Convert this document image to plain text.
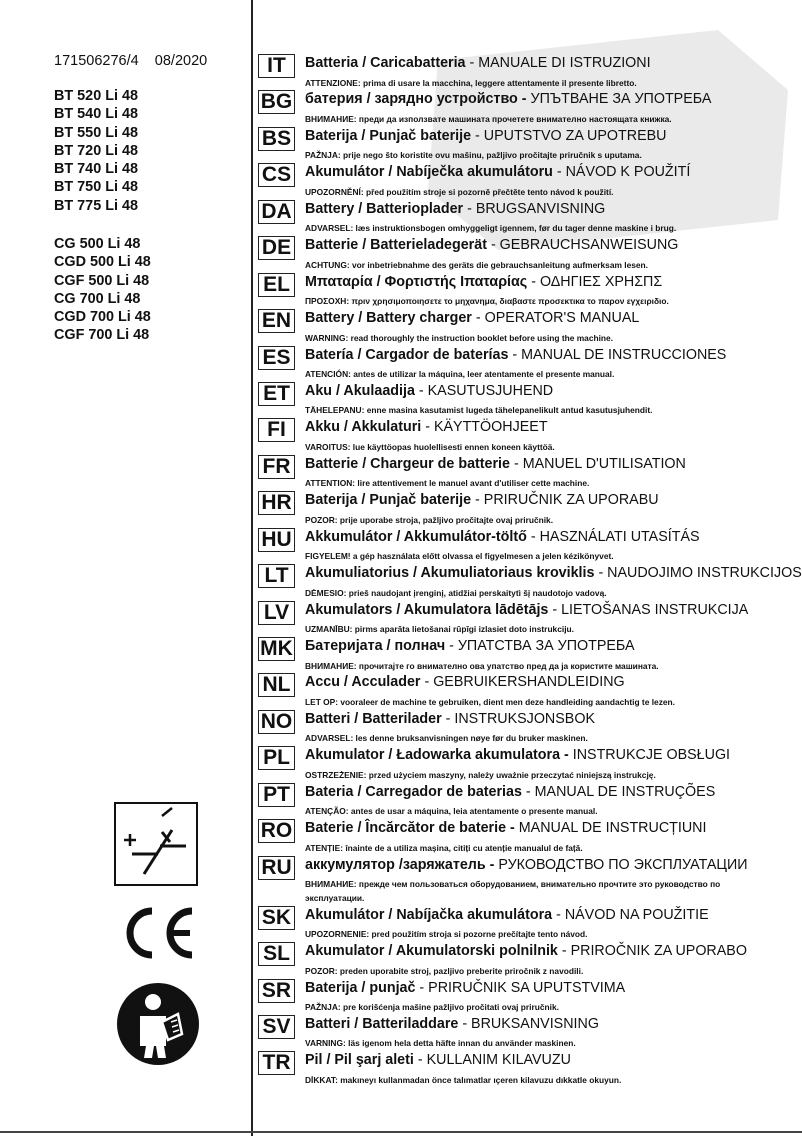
171506276/4 08/2020
BT 520 Li 48
BT 540 Li 48
BT 550 Li 48
BT 720 Li 48
BT 740 Li 48
BT 750 Li 48
BT 775 Li 48
CG 500 Li 48
CGD 500 Li 48
CGF 500 Li 48
CG 700 Li 48
CGD 700 Li 48
CGF 700 Li 48
IT	Batteria / Caricabatteria - MANUALE DI ISTRUZIONI
ATTENZIONE: prima di usare la macchina, leggere attentamente il presente libretto.
BG батерия / зарядно устройство - УПЪТВАНЕ ЗА УПОТРЕБА
ВНИМАНИЕ: преди да използвате машината прочетете внимателно настоящата книжка.
BS Baterija / Punjač baterije - UPUTSTVO ZA UPOTREBU
PAŽNJA: prije nego što koristite ovu mašinu, pažljivo pročitajte priručnik s uputama.
CS Akumulátor / Nabíječka akumulátoru - NÁVOD K POUŽITÍ
UPOZORNĚNÍ: před použitím stroje si pozorně přečtěte tento návod k použití.
DA Battery / Batterioplader - BRUGSANVISNING
ADVARSEL: læs instruktionsbogen omhyggeligt igennem, før du tager denne maskine i brug.
DE Batterie / Batterieladegerät - GEBRAUCHSANWEISUNG
ACHTUNG: vor inbetriebnahme des geräts die gebrauchsanleitung aufmerksam lesen.
EL	Μπαταρία / Φορτιστής Ιπαταρίας - ΟΔΗΓΙΕΣ ΧΡΗΣΠΣ
ΠΡΟΣΟΧΗ: πριν χρησιμοποιησετε το μηχανημα, διαβαστε προσεκτικα το παρον εγχειριδιο.
EN Battery / Battery charger - OPERATOR'S MANUAL
WARNING: read thoroughly the instruction booklet before using the machine.
ES	Batería / Cargador de baterías - MANUAL DE INSTRUCCIONES
ATENCIÓN: antes de utilizar la máquina, leer atentamente el presente manual.
ET	Aku / Akulaadija - KASUTUSJUHEND
TÄHELEPANU: enne masina kasutamist lugeda tähelepanelikult antud kasutusjuhendit.
FI	Akku / Akkulaturi - KÄYTTÖOHJEET
VAROITUS: lue käyttöopas huolellisesti ennen koneen käyttöä.
FR	Batterie / Chargeur de batterie - MANUEL D'UTILISATION
ATTENTION: lire attentivement le manuel avant d'utiliser cette machine.
HR Baterija / Punjač baterije - PRIRUČNIK ZA UPORABU
POZOR: prije uporabe stroja, pažljivo pročitajte ovaj priručnik.
HU Akkumulátor / Akkumulátor-töltő - HASZNÁLATI UTASÍTÁS
FIGYELEM! a gép használata előtt olvassa el figyelmesen a jelen kézikönyvet.
LT	Akumuliatorius / Akumuliatoriaus kroviklis - NAUDOJIMO INSTRUKCIJOS
DĖMESIO: prieš naudojant įrenginį, atidžiai perskaitytì šį naudotojo vadovą.
LV	Akumulators / Akumulatora lādētājs - LIETOŠANAS INSTRUKCIJA
UZMANĪBU: pirms aparāta lietošanai rūpīgi izlasiet doto instrukciju.
MK Батеријата / полнач - УПАТСТВА ЗА УПОТРЕБА
ВНИМАНИЕ: прочитајте го внимателно ова упатство пред да ја користите машината.
NL	Accu / Acculader - GEBRUIKERSHANDLEIDING
LET OP: vooraleer de machine te gebruiken, dient men deze handleiding aandachtig te lezen.
NO Batteri / Batterilader - INSTRUKSJONSBOK
ADVARSEL: les denne bruksanvisningen nøye før du bruker maskinen.
PL	Akumulator / Ładowarka akumulatora - INSTRUKCJE OBSŁUGI
OSTRZEŻENIE: przed użyciem maszyny, należy uważnie przeczytać niniejszą instrukcję.
PT	Bateria / Carregador de baterias - MANUAL DE INSTRUÇÕES
ATENÇÃO: antes de usar a máquina, leia atentamente o presente manual.
RO Baterie / Încărcător de baterie - MANUAL DE INSTRUCȚIUNI
ATENȚIE: înainte de a utiliza mașina, citiți cu atenție manualul de față.
RU аккумулятор /заряжатель - РУКОВОДСТВО ПО ЭКСПЛУАТАЦИИ
ВНИМАНИЕ: прежде чем пользоваться оборудованием, внимательно прочтите это руководство по эксплуатации.
SK Akumulátor / Nabíjačka akumulátora - NÁVOD NA POUŽITIE
UPOZORNENIE: pred použitím stroja si pozorne prečítajte tento návod.
SL	Akumulator / Akumulatorski polnilnik - PRIROČNIK ZA UPORABO
POZOR: preden uporabite stroj, pazljivo preberite priročnik z navodili.
SR Baterija / punjač - PRIRUČNIK SA UPUTSTVIMA
PAŽNJA: pre korišćenja mašine pažljivo pročitati ovaj priručnik.
SV	Batteri / Batteriladdare - BRUKSANVISNING
VARNING: läs igenom hela detta häfte innan du använder maskinen.
TR	Pil / Pil şarj aleti - KULLANIM KILAVUZU
DİKKAT: makıneyı kullanmadan önce talımatlar ıçeren kilavuzu dıkkatle okuyun.
